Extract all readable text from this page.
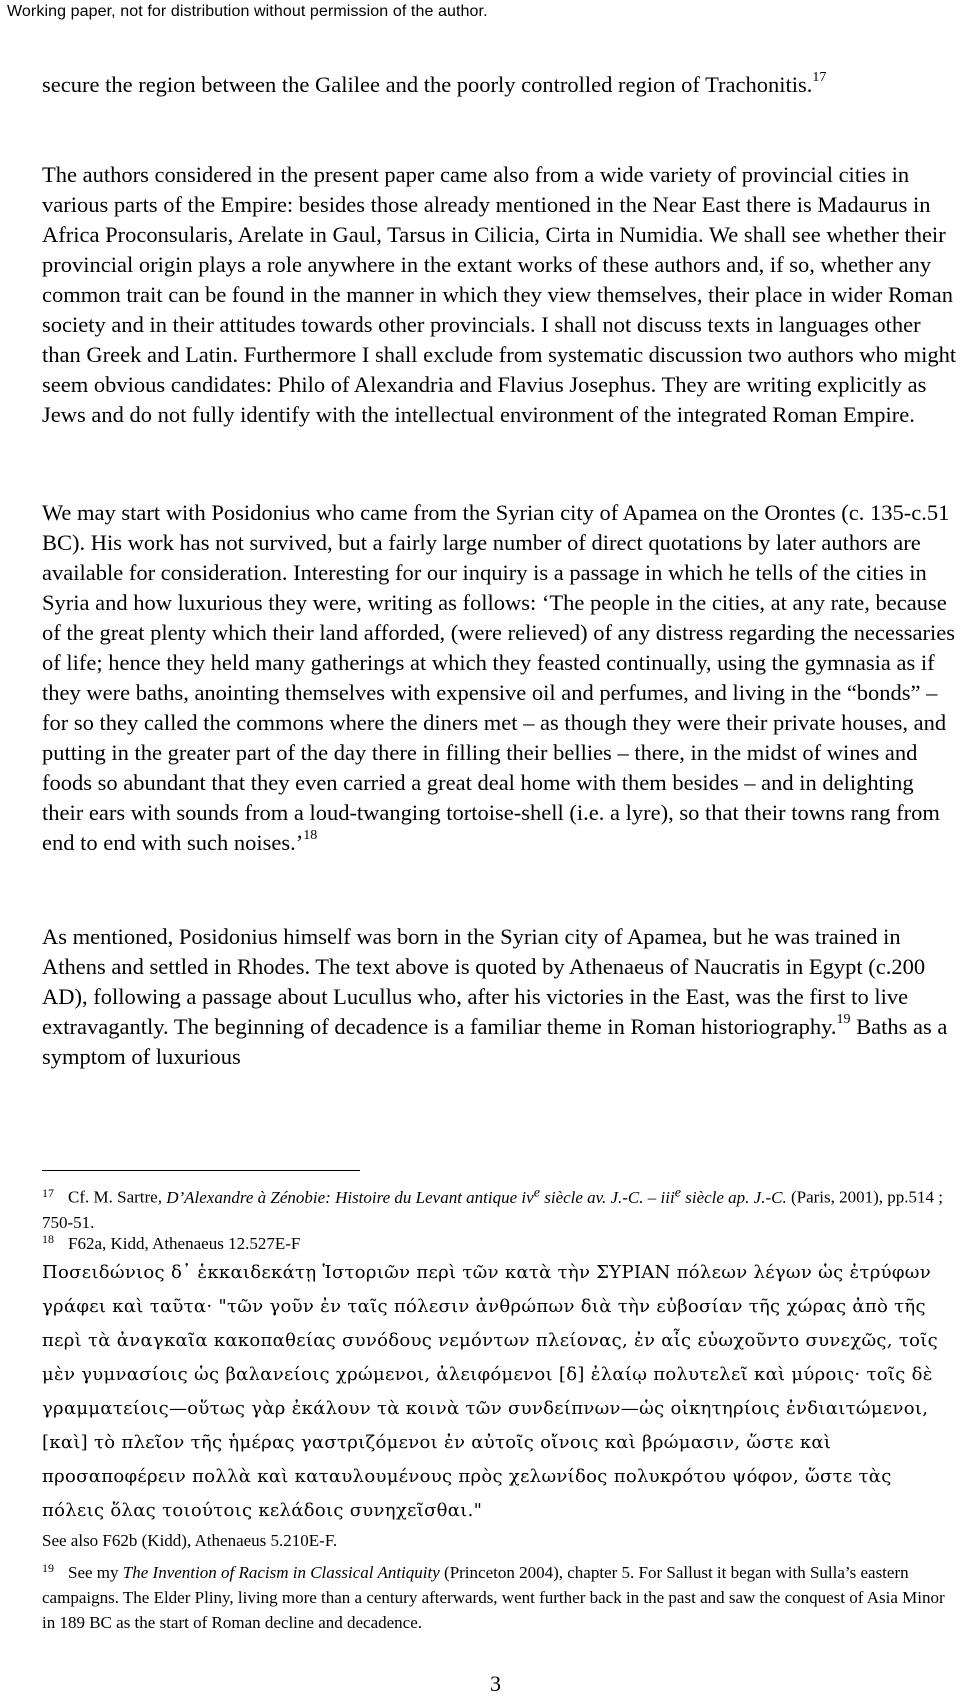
Working paper, not for distribution without permission of the author.

secure the region between the Galilee and the poorly controlled region of Trachonitis.$^{17}$

The authors considered in the present paper came also from a wide variety of provincial cities in various parts of the Empire: besides those already mentioned in the Near East there is Madaurus in Africa Proconsularis, Arelate in Gaul, Tarsus in Cilicia, Cirta in Numidia. We shall see whether their provincial origin plays a role anywhere in the extant works of these authors and, if so, whether any common trait can be found in the manner in which they view themselves, their place in wider Roman society and in their attitudes towards other provincials. I shall not discuss texts in languages other than Greek and Latin. Furthermore I shall exclude from systematic discussion two authors who might seem obvious candidates: Philo of Alexandria and Flavius Josephus. They are writing explicitly as Jews and do not fully identify with the intellectual environment of the integrated Roman Empire.

We may start with Posidonius who came from the Syrian city of Apamea on the Orontes (c. 135-c.51 BC). His work has not survived, but a fairly large number of direct quotations by later authors are available for consideration. Interesting for our inquiry is a passage in which he tells of the cities in Syria and how luxurious they were, writing as follows: ‘The people in the cities, at any rate, because of the great plenty which their land afforded, (were relieved) of any distress regarding the necessaries of life; hence they held many gatherings at which they feasted continually, using the gymnasia as if they were baths, anointing themselves with expensive oil and perfumes, and living in the “bonds” – for so they called the commons where the diners met – as though they were their private houses, and putting in the greater part of the day there in filling their bellies – there, in the midst of wines and foods so abundant that they even carried a great deal home with them besides – and in delighting their ears with sounds from a loud-twanging tortoise-shell (i.e. a lyre), so that their towns rang from end to end with such noises.’$^{18}$

As mentioned, Posidonius himself was born in the Syrian city of Apamea, but he was trained in Athens and settled in Rhodes. The text above is quoted by Athenaeus of Naucratis in Egypt (c.200 AD), following a passage about Lucullus who, after his victories in the East, was the first to live extravagantly. The beginning of decadence is a familiar theme in Roman historiography.$^{19}$ Baths as a symptom of luxurious

$^{17}$ Cf. M. Sartre, D’Alexandre à Zénobie: Histoire du Levant antique $iv^e$ siècle av. J.-C. – iii$^e$ siècle ap. J.-C. (Paris, 2001), pp.514 ; 750-51.
$^{18}$ F62a, Kidd, Athenaeus 12.527E-F
Ποσειδώνιος δ᾽ ἑκκαιδεκάτῃ Ἱστοριῶν περὶ τῶν κατὰ τὴν ΣΥΡΙΑΝ πόλεων λέγων ὡς ἐτρύφων γράφει καὶ ταῦτα· "τῶν γοῦν ἐν ταῖς πόλεσιν ἀνθρώπων διὰ τὴν εὐβοσίαν τῆς χώρας ἀπὸ τῆς περὶ τὰ ἀναγκαῖα κακοπαθείας συνόδους νεμόντων πλείονας, ἐν αἷς εὐωχοῦντο συνεχῶς, τοῖς μὲν γυμνασίοις ὡς βαλανείοις χρώμενοι, ἀλειφόμενοι [δ] ἐλαίῳ πολυτελεῖ καὶ μύροις· τοῖς δὲ γραμματείοις—οὕτως γὰρ ἐκάλουν τὰ κοινὰ τῶν συνδείπνων—ὡς οἰκητηρίοις ἐνδιαιτώμενοι, [καὶ] τὸ πλεῖον τῆς ἡμέρας γαστριζόμενοι ἐν αὐτοῖς οἴνοις καὶ βρώμασιν, ὥστε καὶ προσαποφέρειν πολλὰ καὶ καταυλουμένους πρὸς χελωνίδος πολυκρότου ψόφον, ὥστε τὰς πόλεις ὅλας τοιούτοις κελάδοις συνηχεῖσθαι."
See also F62b (Kidd), Athenaeus 5.210E-F.
$^{19}$ See my The Invention of Racism in Classical Antiquity (Princeton 2004), chapter 5. For Sallust it began with Sulla’s eastern campaigns. The Elder Pliny, living more than a century afterwards, went further back in the past and saw the conquest of Asia Minor in 189 BC as the start of Roman decline and decadence.
3
